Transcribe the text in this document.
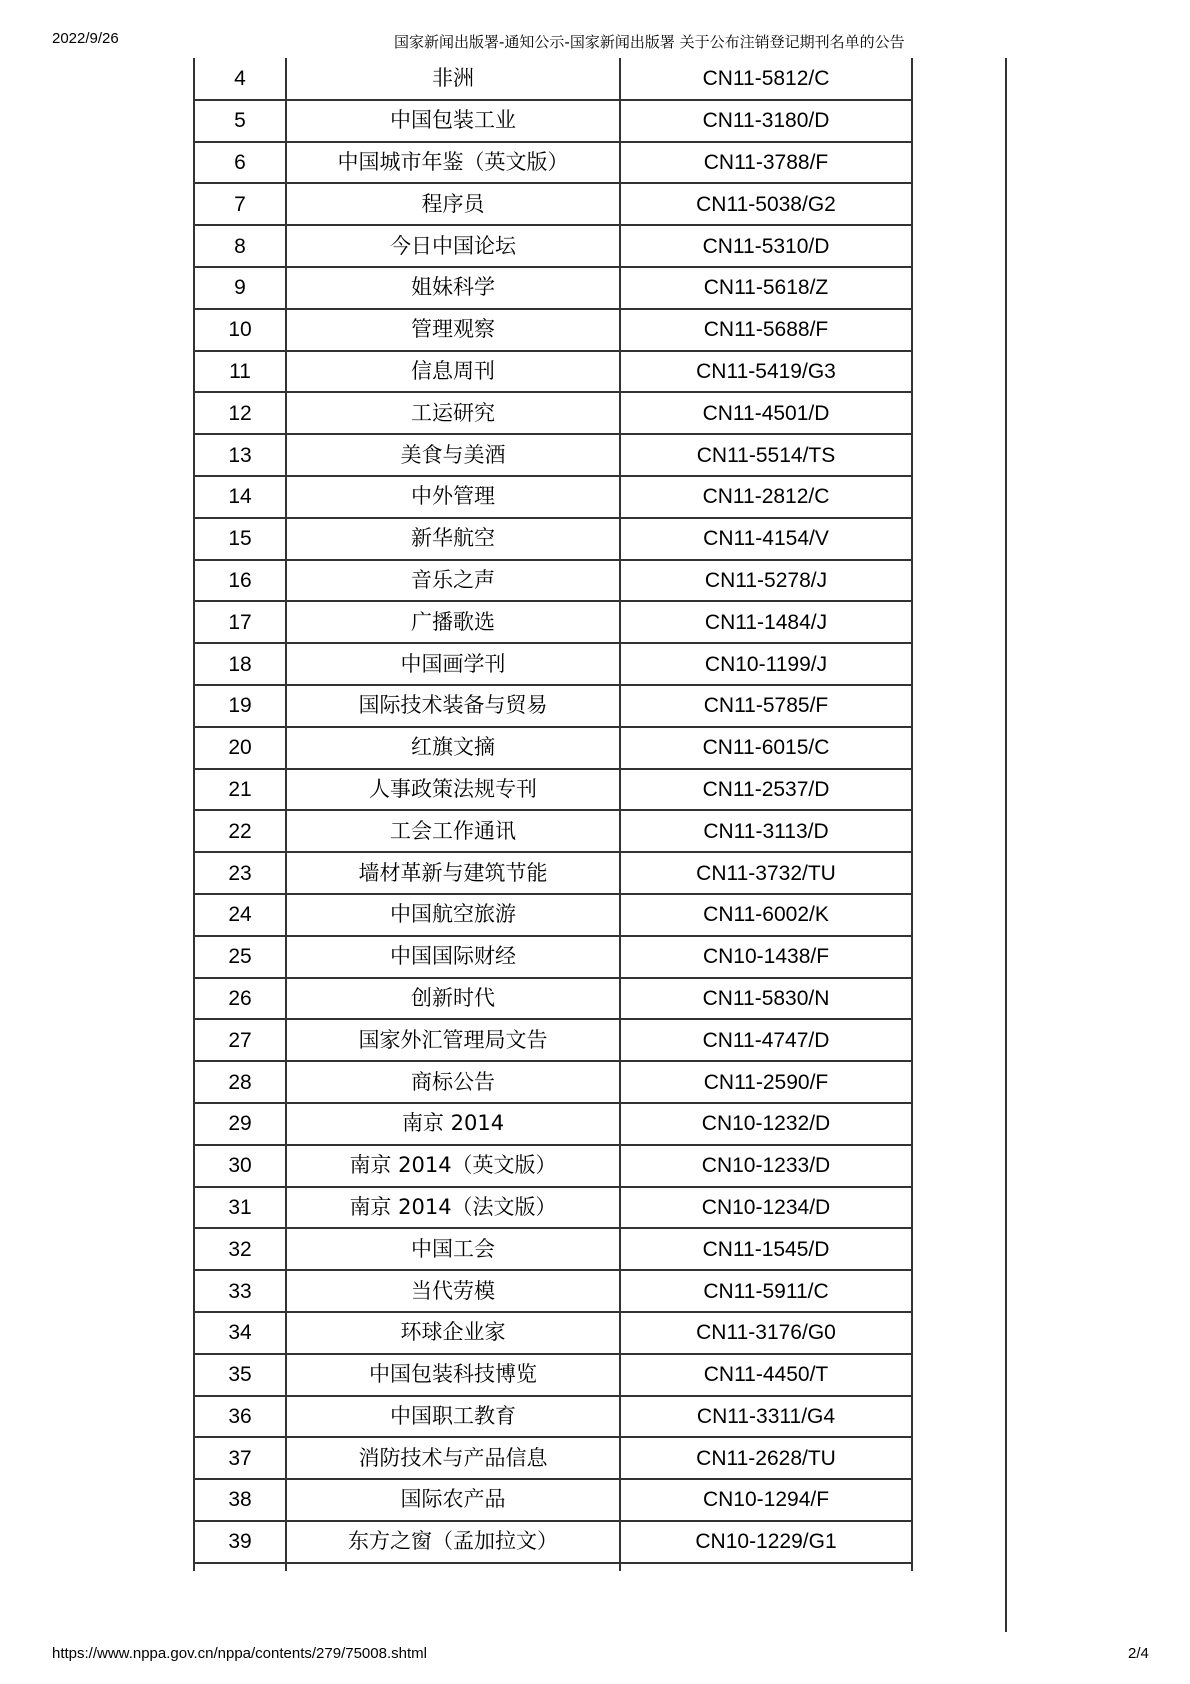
2022/9/26	国家新闻出版署-通知公示-国家新闻出版署 关于公布注销登记期刊名单的公告
4	非洲	CN11-5812/C
5	中国包装工业	CN11-3180/D
6	中国城市年鉴（英文版）	CN11-3788/F
7	程序员	CN11-5038/G2
8	今日中国论坛	CN11-5310/D
9	姐妹科学	CN11-5618/Z
10	管理观察	CN11-5688/F
11	信息周刊	CN11-5419/G3
12	工运研究	CN11-4501/D
13	美食与美酒	CN11-5514/TS
14	中外管理	CN11-2812/C
15	新华航空	CN11-4154/V
16	音乐之声	CN11-5278/J
17	广播歌选	CN11-1484/J
18	中国画学刊	CN10-1199/J
19	国际技术装备与贸易	CN11-5785/F
20	红旗文摘	CN11-6015/C
21	人事政策法规专刊	CN11-2537/D
22	工会工作通讯	CN11-3113/D
23	墙材革新与建筑节能	CN11-3732/TU
24	中国航空旅游	CN11-6002/K
25	中国国际财经	CN10-1438/F
26	创新时代	CN11-5830/N
27	国家外汇管理局文告	CN11-4747/D
28	商标公告	CN11-2590/F
29	南京 2014	CN10-1232/D
30	南京 2014（英文版）	CN10-1233/D
31	南京 2014（法文版）	CN10-1234/D
32	中国工会	CN11-1545/D
33	当代劳模	CN11-5911/C
34	环球企业家	CN11-3176/G0
35	中国包装科技博览	CN11-4450/T
36	中国职工教育	CN11-3311/G4
37	消防技术与产品信息	CN11-2628/TU
38	国际农产品	CN10-1294/F
39	东方之窗（孟加拉文）	CN10-1229/G1

https://www.nppa.gov.cn/nppa/contents/279/75008.shtml	2/4
